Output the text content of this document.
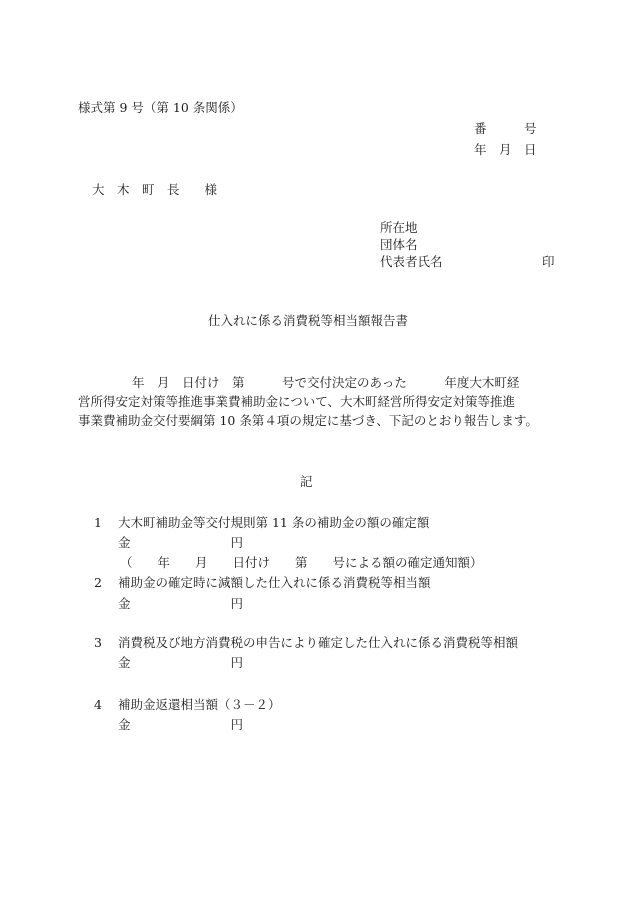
様式第 9 号（第 10 条関係）
番　　　号
年　月　日
大　木　町　長　　様
所在地
団体名
代表者氏名	印
仕入れに係る消費税等相当額報告書
年　月　日付け　第　　　号で交付決定のあった　　　年度大木町経
営所得安定対策等推進事業費補助金について、大木町経営所得安定対策等推進
事業費補助金交付要綱第 10 条第４項の規定に基づき、下記のとおり報告します。
記
1 大木町補助金等交付規則第 11 条の補助金の額の確定額
金　　　　　　　　円
（　　年　　月　　日付け　　第　　号による額の確定通知額）
2 補助金の確定時に減額した仕入れに係る消費税等相当額
金　　　　　　　　円
3 消費税及び地方消費税の申告により確定した仕入れに係る消費税等相額
金　　　　　　　　円
4 補助金返還相当額（３－２）
金　　　　　　　　円
